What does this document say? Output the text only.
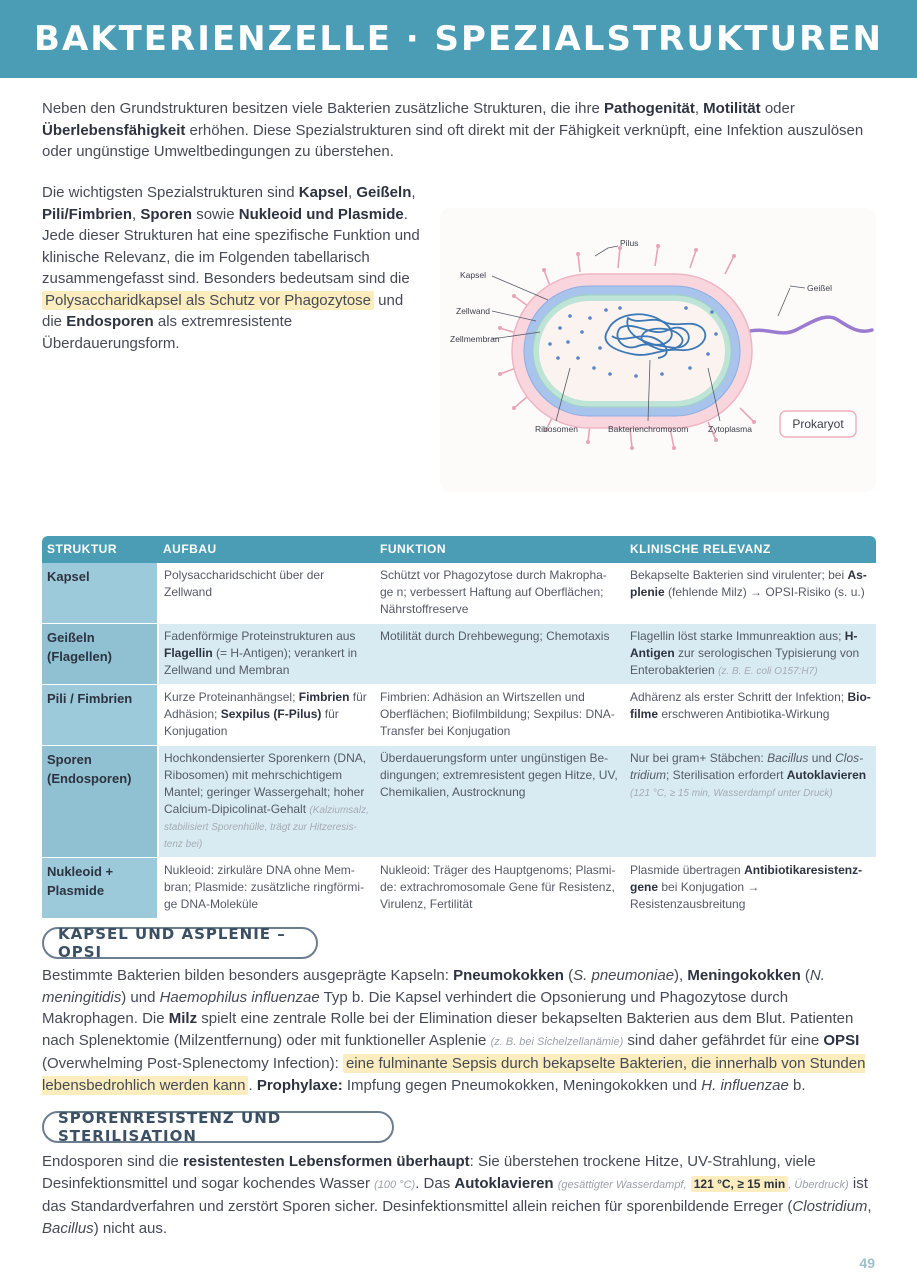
BAKTERIENZELLE · SPEZIALSTRUKTUREN

Neben den Grundstrukturen besitzen viele Bakterien zusätzliche Strukturen, die ihre Pathogenität, Motilität oder Überlebensfähigkeit erhöhen. Diese Spezialstrukturen sind oft direkt mit der Fähigkeit verknüpft, eine Infektion auszulösen oder ungünstige Umweltbedingungen zu überstehen.

Die wichtigsten Spezialstrukturen sind Kapsel, Geißeln, Pili/Fimbrien, Sporen sowie Nukleoid und Plasmide. Jede dieser Strukturen hat eine spezifische Funktion und klinische Relevanz, die im Folgenden tabellarisch zusammengefasst sind. Besonders bedeutsam sind die Polysaccharidkapsel als Schutz vor Phagozytose und die Endosporen als extremresistente Überdauerungsform.

Pilus
Kapsel
Zellwand
Zellmembran
Geißel
Ribosomen	Bakterienchromosom Zytoplasma	Prokaryot
STRUKTUR	AUFBAU	FUNKTION	KLINISCHE RELEVANZ
Kapsel	Polysaccharidschicht über der Zellwand	Schützt vor Phagozytose durch Makropha-ge n; verbessert Haftung auf Oberflächen; Nährstoffreserve	Bekapselte Bakterien sind virulenter; bei As-plenie (fehlende Milz) → OPSI-Risiko (s. u.)
Geißeln
(Flagellen)	Fadenförmige Proteinstrukturen aus Flagellin (= H-Antigen); verankert in Zellwand und Membran	Motilität durch Drehbewegung; Chemotaxis	Flagellin löst starke Immunreaktion aus; H-Antigen zur serologischen Typisierung von Enterobakterien (z. B. E. coli O157:H7)
Pili / Fimbrien	Kurze Proteinanhängsel; Fimbrien für Adhäsion; Sexpilus (F-Pilus) für Konjugation	Fimbrien: Adhäsion an Wirtszellen und Oberflächen; Biofilmbildung; Sexpilus: DNA-Transfer bei Konjugation	Adhärenz als erster Schritt der Infektion; Bio-filme erschweren Antibiotika-Wirkung
Sporen
(Endosporen)	Hochkondensierter Sporenkern (DNA, Ribosomen) mit mehrschichtigem Mantel; geringer Wassergehalt; hoher Calcium-Dipicolinat-Gehalt (Kalziumsalz, stabilisiert Sporenhülle, trägt zur Hitzeresis-tenz bei)	Überdauerungsform unter ungünstigen Be-dingungen; extremresistent gegen Hitze, UV, Chemikalien, Austrocknung	Nur bei gram+ Stäbchen: Bacillus und Clos-tridium; Sterilisation erfordert Autoklavieren
(121 °C, ≥ 15 min, Wasserdampf unter Druck)
Nukleoid +
Plasmide	Nukleoid: zirkuläre DNA ohne Mem-bran; Plasmide: zusätzliche ringförmi-ge DNA-Moleküle	Nukleoid: Träger des Hauptgenoms; Plasmi-de: extrachromosomale Gene für Resistenz, Virulenz, Fertilität	Plasmide übertragen Antibiotikaresistenz-gene bei Konjugation → Resistenzausbreitung
KAPSEL UND ASPLENIE – OPSI

Bestimmte Bakterien bilden besonders ausgeprägte Kapseln: Pneumokokken (S. pneumoniae), Meningokokken (N. meningitidis) und Haemophilus influenzae Typ b. Die Kapsel verhindert die Opsonierung und Phagozytose durch Makrophagen. Die Milz spielt eine zentrale Rolle bei der Elimination dieser bekapselten Bakterien aus dem Blut. Patienten nach Splenektomie (Milzentfernung) oder mit funktioneller Asplenie (z. B. bei Sichelzellanämie) sind daher gefährdet für eine OPSI (Overwhelming Post-Splenectomy Infection): eine fulminante Sepsis durch bekapselte Bakterien, die innerhalb von Stunden lebensbedrohlich werden kann . Prophylaxe: Impfung gegen Pneumokokken, Meningokokken und H. influenzae b.

SPORENRESISTENZ UND STERILISATION

Endosporen sind die resistentesten Lebensformen überhaupt: Sie überstehen trockene Hitze, UV-Strahlung, viele Desinfektionsmittel und sogar kochendes Wasser (100 °C). Das Autoklavieren (gesättigter Wasserdampf, 121 °C, ≥ 15 min , Überdruck) ist das Standardverfahren und zerstört Sporen sicher. Desinfektionsmittel allein reichen für sporenbildende Erreger (Clostridium, Bacillus) nicht aus.

49
